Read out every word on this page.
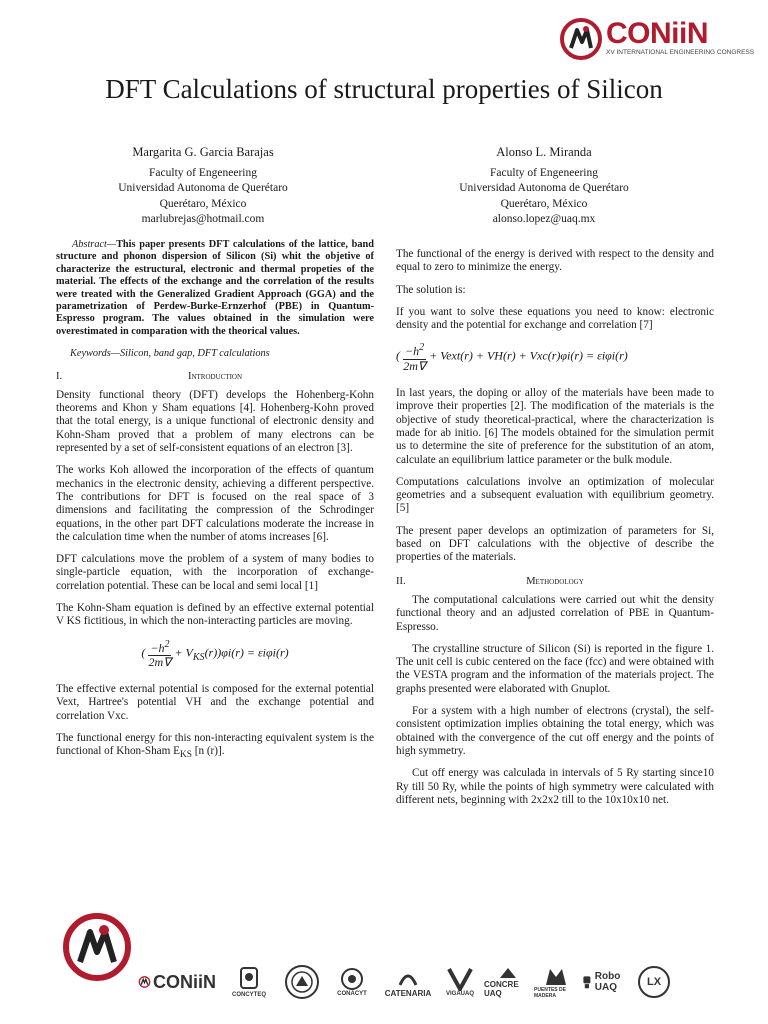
CONiiN
XV INTERNATIONAL ENGINEERING CONGRESS
DFT Calculations of structural properties of Silicon
Margarita G. Garcia Barajas
Faculty of Engeneering
Universidad Autonoma de Querétaro
Querétaro, México
marlubrejas@hotmail.com
Alonso L. Miranda
Faculty of Engeneering
Universidad Autonoma de Querétaro
Querétaro, México
alonso.lopez@uaq.mx

Abstract—This paper presents DFT calculations of the lattice, band structure and phonon dispersion of Silicon (Si) whit the objetive of characterize the estructural, electronic and thermal propeties of the material. The effects of the exchange and the correlation of the results were treated with the Generalized Gradient Approach (GGA) and the parametrization of Perdew-Burke-Ernzerhof (PBE) in Quantum-Espresso program. The values obtained in the simulation were overestimated in comparation with the theorical values.

Keywords—Silicon, band gap, DFT calculations

I.	Introduction

Density functional theory (DFT) develops the Hohenberg-Kohn theorems and Khon y Sham equations [4]. Hohenberg-Kohn proved that the total energy, is a unique functional of electronic density and Kohn-Sham proved that a problem of many electrons can be represented by a set of self-consistent equations of an electron [3].

The works Koh allowed the incorporation of the effects of quantum mechanics in the electronic density, achieving a different perspective. The contributions for DFT is focused on the real space of 3 dimensions and facilitating the compression of the Schrodinger equations, in the other part DFT calculations moderate the increase in the calculation time when the number of atoms increases [6].

DFT calculations move the problem of a system of many bodies to single-particle equation, with the incorporation of exchange-correlation potential. These can be local and semi local [1]

The Kohn-Sham equation is defined by an effective external potential V KS fictitious, in which the non-interacting particles are moving.

( $\frac{-h^2}{2m\nabla} + V_{KS}(r))\varphi i(r) = \varepsilon i\varphi i(r)$

The effective external potential is composed for the external potential Vext, Hartree's potential VH and the exchange potential and correlation Vxc.

The functional energy for this non-interacting equivalent system is the functional of Khon-Sham $E_{KS}$ [n (r)].

The functional of the energy is derived with respect to the density and equal to zero to minimize the energy.

The solution is:

If you want to solve these equations you need to know: electronic density and the potential for exchange and correlation [7]

( $\frac{-h^2}{2m\nabla}$ + Vext(r) + VH(r) + Vxc(r)φi(r) = εiφi(r)

In last years, the doping or alloy of the materials have been made to improve their properties [2]. The modification of the materials is the objective of study theoretical-practical, where the characterization is made for ab initio. [6] The models obtained for the simulation permit us to determine the site of preference for the substitution of an atom, calculate an equilibrium lattice parameter or the bulk module.

Computations calculations involve an optimization of molecular geometries and a subsequent evaluation with equilibrium geometry. [5]

The present paper develops an optimization of parameters for Si, based on DFT calculations with the objective of describe the properties of the materials.

II.	Methodology

The computational calculations were carried out whit the density functional theory and an adjusted correlation of PBE in Quantum-Espresso.

The crystalline structure of Silicon (Si) is reported in the figure 1. The unit cell is cubic centered on the face (fcc) and were obtained with the VESTA program and the information of the materials project. The graphs presented were elaborated with Gnuplot.

For a system with a high number of electrons (crystal), the self-consistent optimization implies obtaining the total energy, which was obtained with the convergence of the cut off energy and the points of high symmetry.

Cut off energy was calculada in intervals of 5 Ry starting since10 Ry till 50 Ry, while the points of high symmetry were calculated with different nets, beginning with 2x2x2 till to the 10x10x10 net.

CONiiN
CONCYTEQ	CONACYT CATENARIA VIGAUAQ
CONCRE UAQ	PUENTES DE MADERA
Robo UAQ	LX
